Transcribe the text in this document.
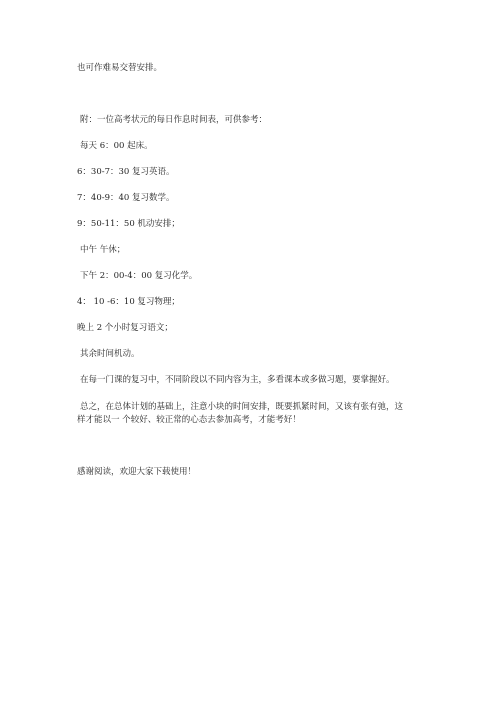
也可作难易交替安排。
附：一位高考状元的每日作息时间表，可供参考：
每天 6：00 起床。
6：30-7：30 复习英语。
7：40-9：40 复习数学。
9：50-11：50 机动安排；
中午 午休；
下午 2：00-4：00 复习化学。
4： 10 -6：10 复习物理；
晚上 2 个小时复习语文；
其余时间机动。
在每一门课的复习中，不同阶段以不同内容为主，多看课本或多做习题，要掌握好。
总之，在总体计划的基础上，注意小块的时间安排，既要抓紧时间，又该有张有弛，这样才能以一 个较好、较正常的心态去参加高考，才能考好！
感谢阅读，欢迎大家下载使用！
